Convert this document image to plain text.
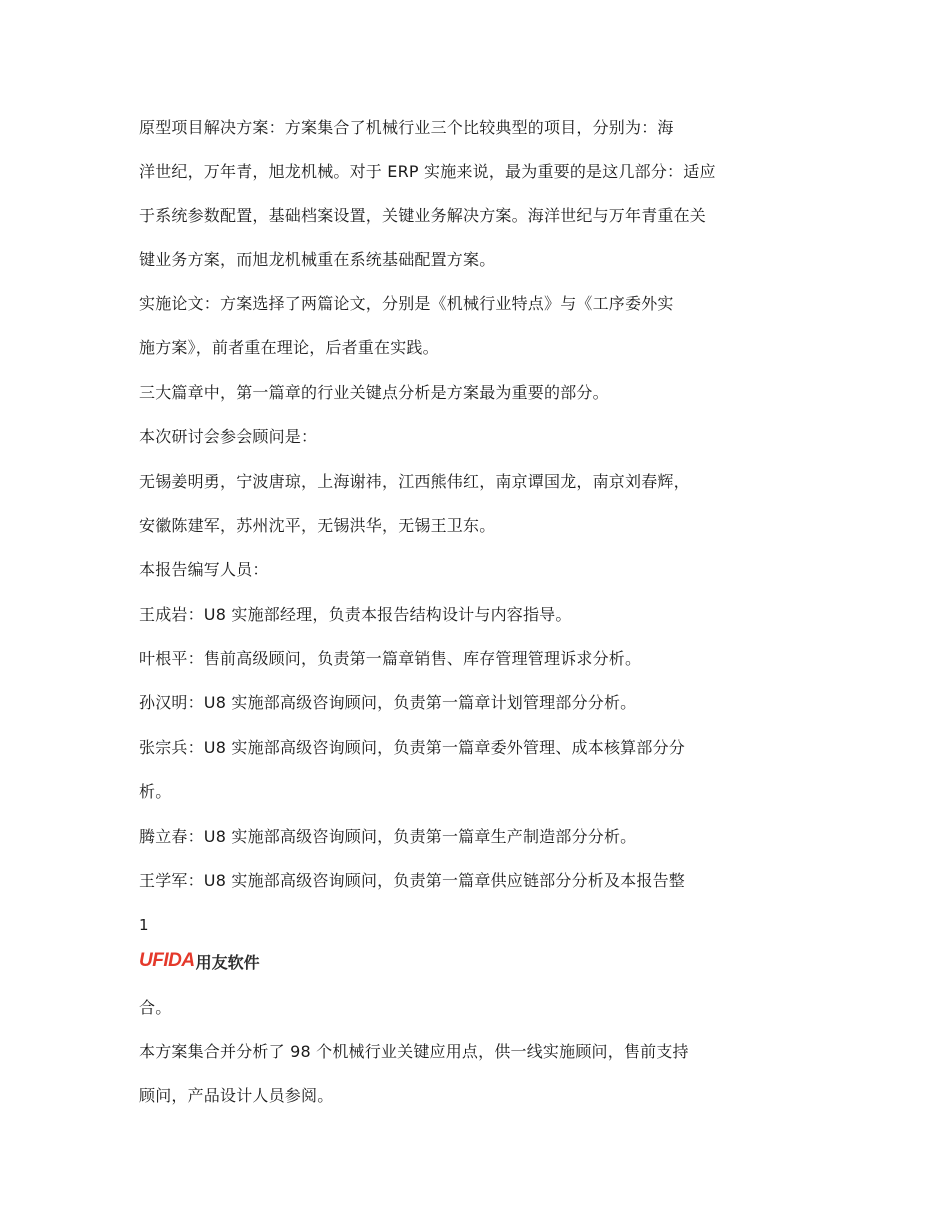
原型项目解决方案：方案集合了机械行业三个比较典型的项目，分别为：海
洋世纪，万年青，旭龙机械。对于 ERP 实施来说，最为重要的是这几部分：适应
于系统参数配置，基础档案设置，关键业务解决方案。海洋世纪与万年青重在关
键业务方案，而旭龙机械重在系统基础配置方案。
实施论文：方案选择了两篇论文，分别是《机械行业特点》与《工序委外实
施方案》，前者重在理论，后者重在实践。
三大篇章中，第一篇章的行业关键点分析是方案最为重要的部分。
本次研讨会参会顾问是：
无锡姜明勇，宁波唐琼，上海谢祎，江西熊伟红，南京谭国龙，南京刘春辉，
安徽陈建军，苏州沈平，无锡洪华，无锡王卫东。
本报告编写人员：
王成岩：U8 实施部经理，负责本报告结构设计与内容指导。
叶根平：售前高级顾问，负责第一篇章销售、库存管理管理诉求分析。
孙汉明：U8 实施部高级咨询顾问，负责第一篇章计划管理部分分析。
张宗兵：U8 实施部高级咨询顾问，负责第一篇章委外管理、成本核算部分分
析。
腾立春：U8 实施部高级咨询顾问，负责第一篇章生产制造部分分析。
王学军：U8 实施部高级咨询顾问，负责第一篇章供应链部分分析及本报告整
1
UFIDA 用友软件
合。
本方案集合并分析了 98 个机械行业关键应用点，供一线实施顾问，售前支持
顾问，产品设计人员参阅。
